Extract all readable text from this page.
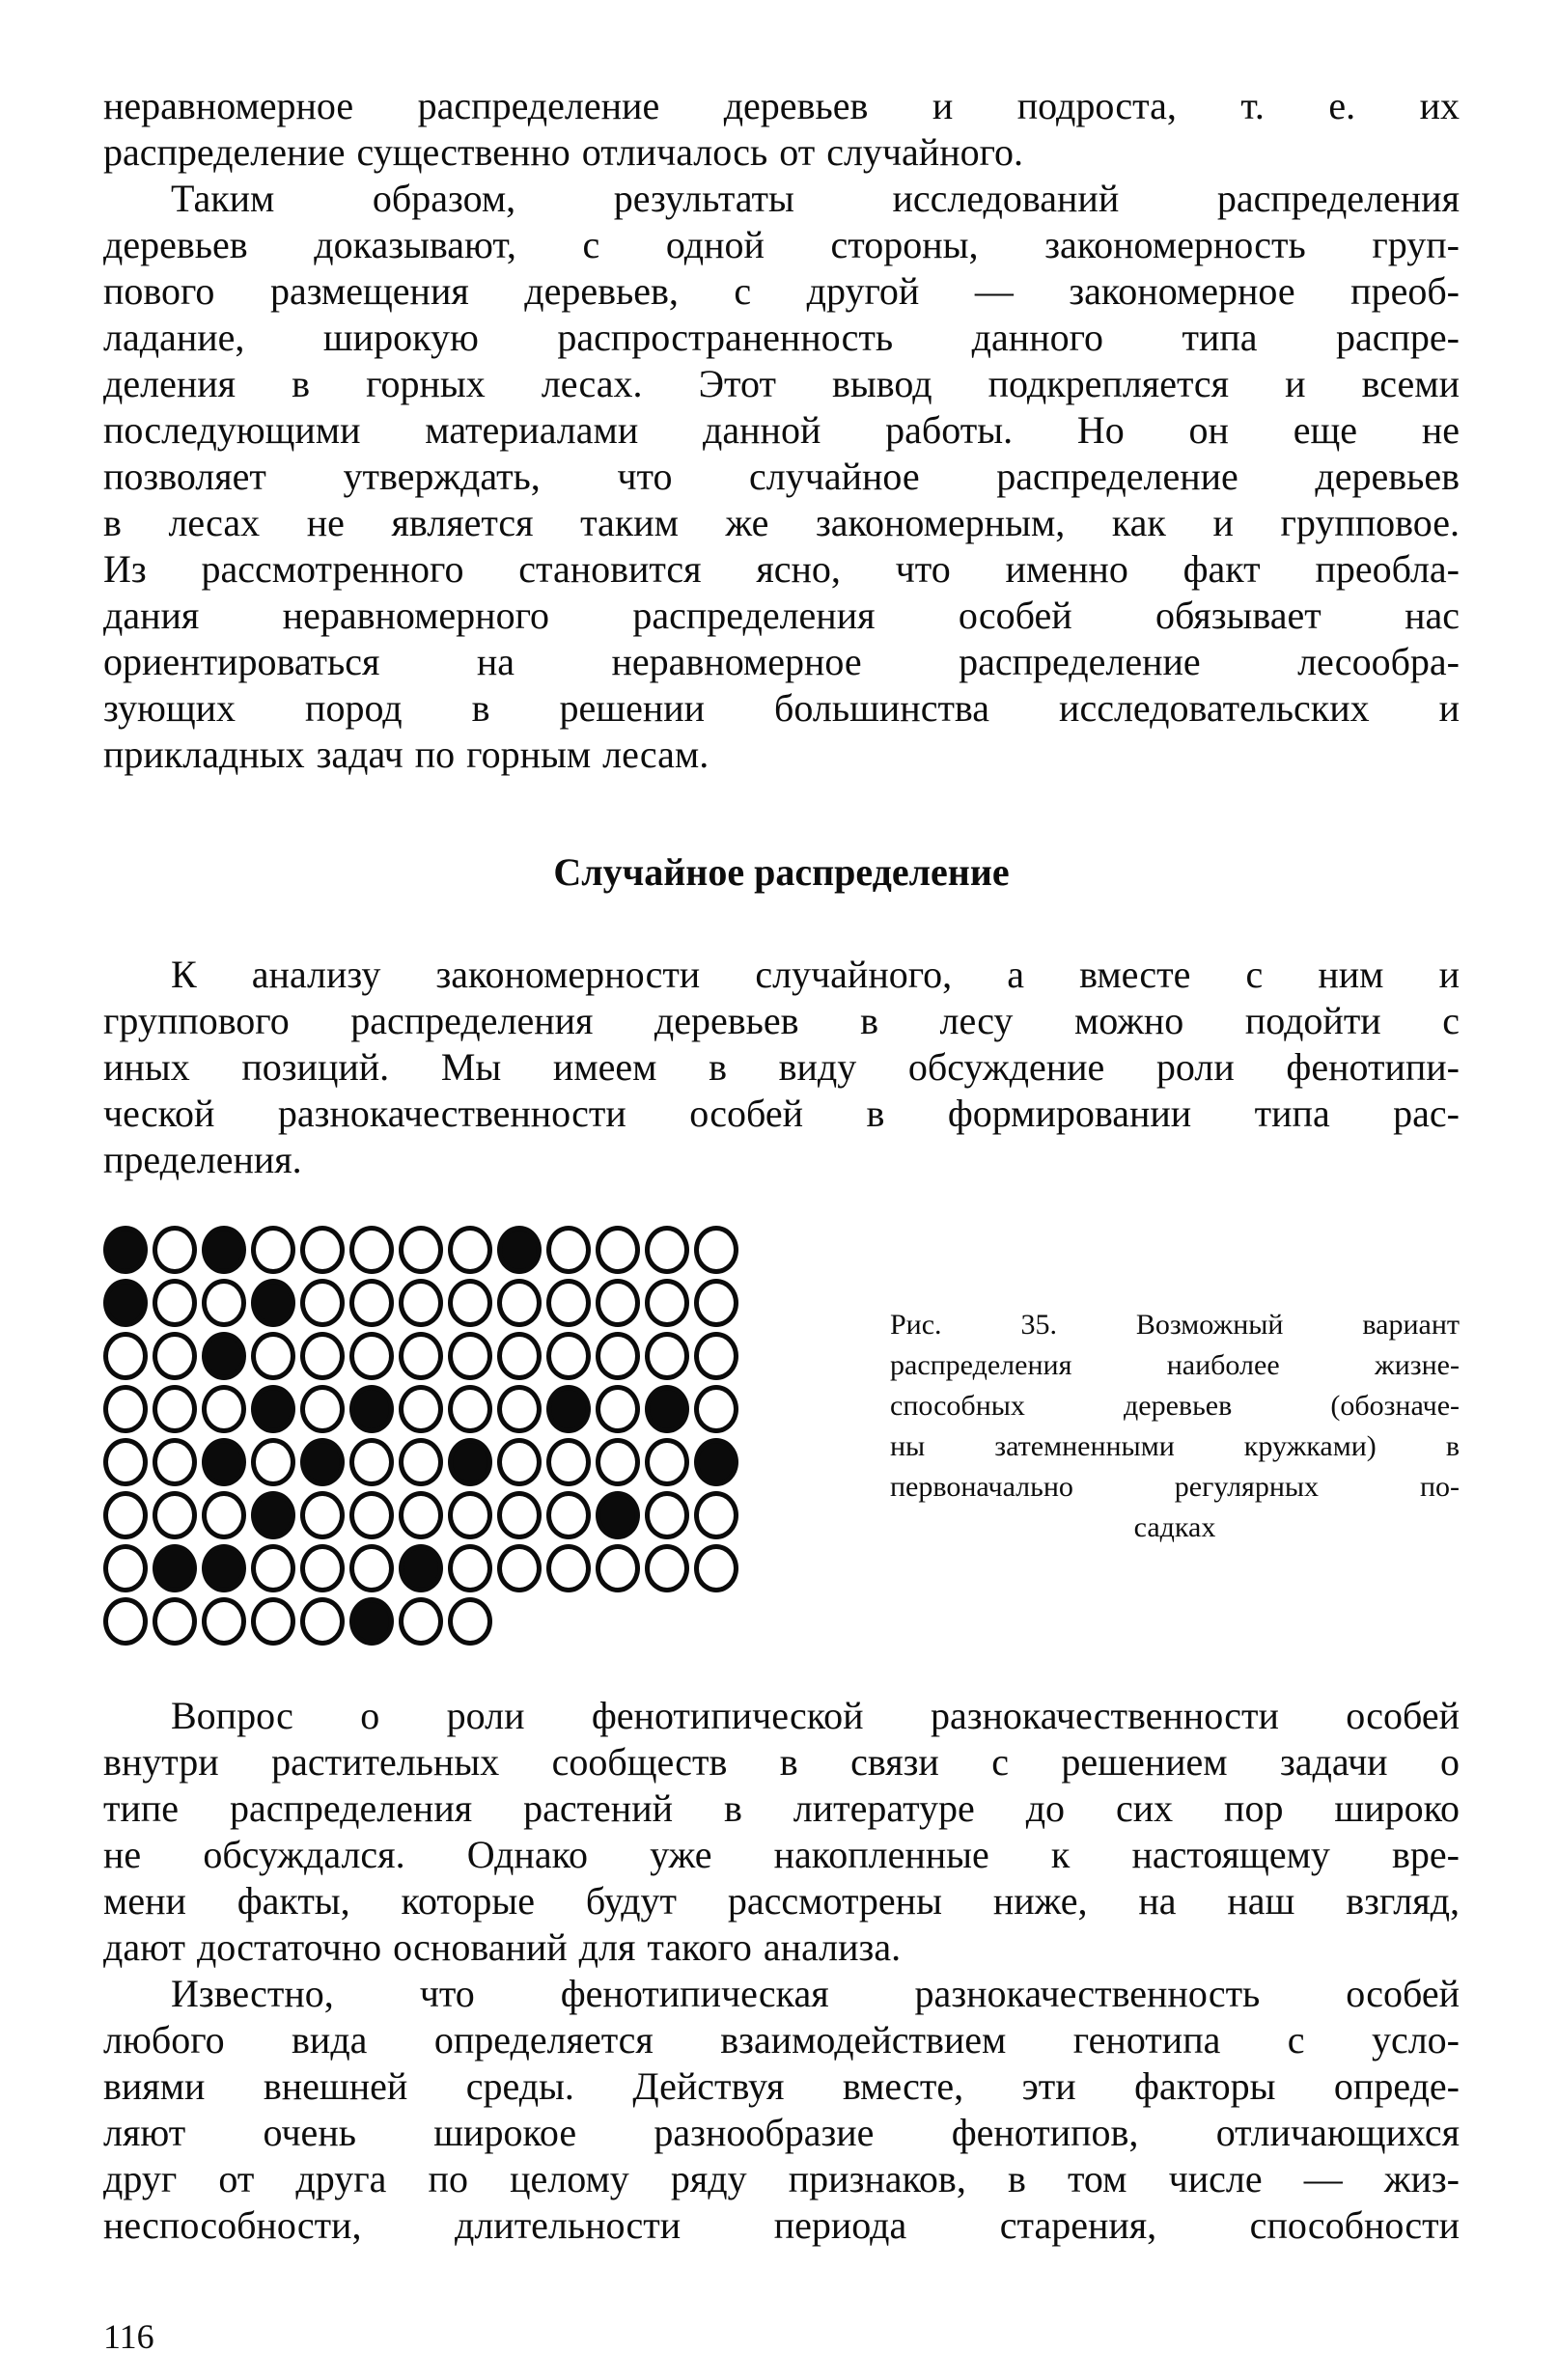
неравномерное распределение деревьев и подроста, т. е. их
распределение существенно отличалось от случайного.
Таким образом, результаты исследований распределения
деревьев доказывают, с одной стороны, закономерность груп-
пового размещения деревьев, с другой — закономерное преоб-
ладание, широкую распространенность данного типа распре-
деления в горных лесах. Этот вывод подкрепляется и всеми
последующими материалами данной работы. Но он еще не
позволяет утверждать, что случайное распределение деревьев
в лесах не является таким же закономерным, как и групповое.
Из рассмотренного становится ясно, что именно факт преобла-
дания неравномерного распределения особей обязывает нас
ориентироваться на неравномерное распределение лесообра-
зующих пород в решении большинства исследовательских и
прикладных задач по горным лесам.
Случайное распределение
К анализу закономерности случайного, а вместе с ним и
группового распределения деревьев в лесу можно подойти с
иных позиций. Мы имеем в виду обсуждение роли фенотипи-
ческой разнокачественности особей в формировании типа рас-
пределения.
Рис. 35. Возможный вариант
распределения наиболее жизне-
способных деревьев (обозначе-
ны затемненными кружками) в
первоначально регулярных по-
садках
Вопрос о роли фенотипической разнокачественности особей
внутри растительных сообществ в связи с решением задачи о
типе распределения растений в литературе до сих пор широко
не обсуждался. Однако уже накопленные к настоящему вре-
мени факты, которые будут рассмотрены ниже, на наш взгляд,
дают достаточно оснований для такого анализа.
Известно, что фенотипическая разнокачественность особей
любого вида определяется взаимодействием генотипа с усло-
виями внешней среды. Действуя вместе, эти факторы опреде-
ляют очень широкое разнообразие фенотипов, отличающихся
друг от друга по целому ряду признаков, в том числе — жиз-
неспособности, длительности периода старения, способности
116
